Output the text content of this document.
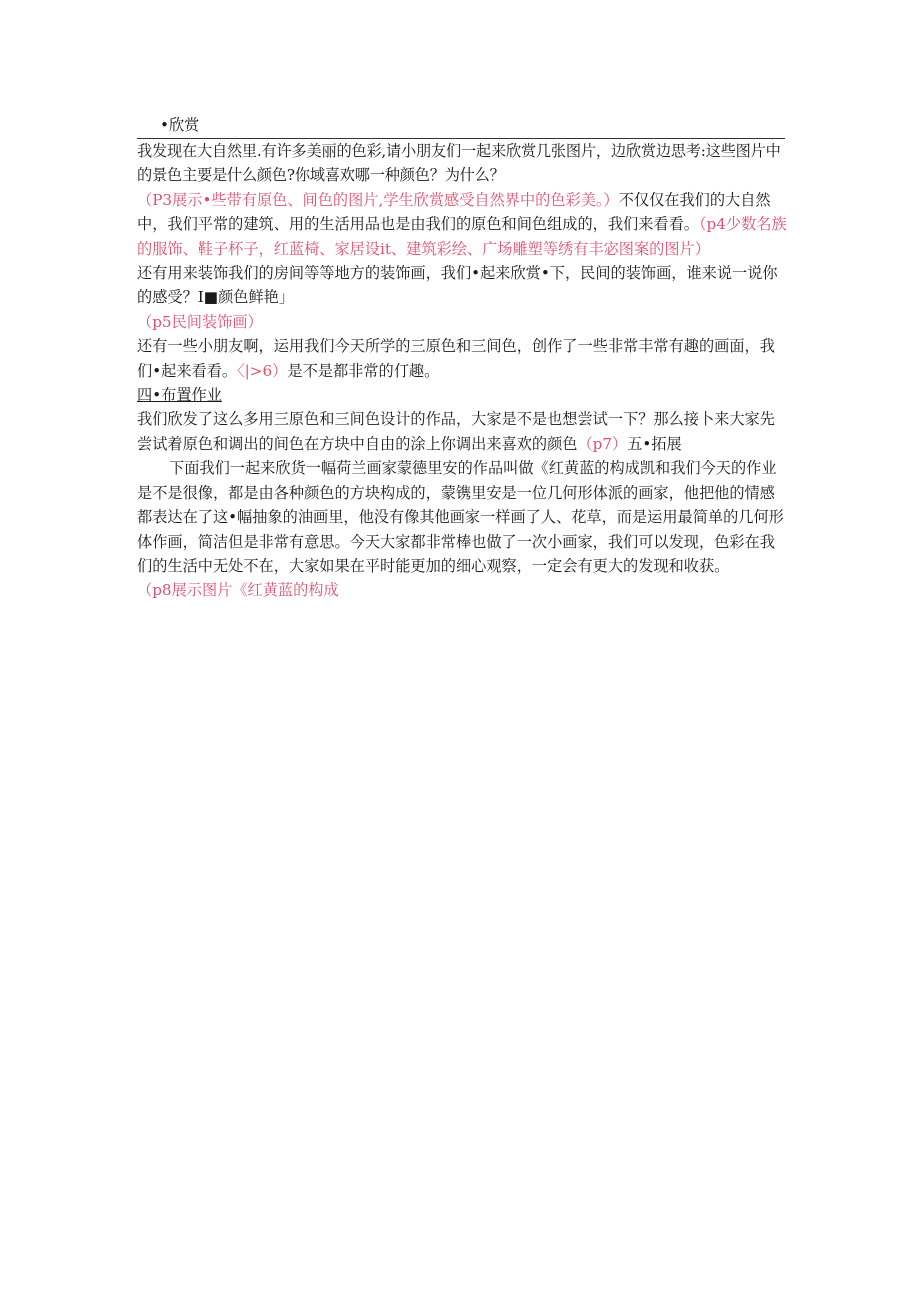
•欣赏

我发现在大自然里.有许多美丽的色彩,请小朋友们一起来欣赏几张图片，边欣赏边思考:这些图片中的景色主要是什么颜色?你域喜欢哪一种颜色？为什么？

（P3展示•些带有原色、间色的图片,学生欣赏感受自然界中的色彩美。）不仅仅在我们的大自然中，我们平常的建筑、用的生活用品也是由我们的原色和间色组成的，我们来看看。（p4少数名族的服饰、鞋子杯子，红蓝椅、家居设it、建筑彩绘、广场雕塑等绣有丰宓图案的图片）

还有用来装饰我们的房间等等地方的装饰画，我们•起来欣赏•下，民间的装饰画，谁来说一说你的感受？I■颜色鲜艳」

（p5民间装饰画）

还有一些小朋友啊，运用我们今天所学的三原色和三间色，创作了一些非常丰常有趣的画面，我们•起来看看。〈|>6）是不是都非常的仃趣。

四•布置作业

我们欣发了这么多用三原色和三间色设计的作品，大家是不是也想尝试一下？那么接卜来大家先尝试着原色和调出的间色在方块中自由的涂上你调出来喜欢的颜色（p7）五•拓展

下面我们一起来欣货一幅荷兰画家蒙德里安的作品叫做《红黄蓝的构成凯和我们今天的作业是不是很像，都是由各种颜色的方块构成的，蒙镌里安是一位几何形体派的画家，他把他的情感都表达在了这•幅抽象的油画里，他没有像其他画家一样画了人、花草，而是运用最简单的几何形体作画，简洁但是非常有意思。今天大家都非常棒也做了一次小画家，我们可以发现，色彩在我们的生活中无处不在，大家如果在平时能更加的细心观察，一定会有更大的发现和收获。

（p8展示图片《红黄蓝的构成
